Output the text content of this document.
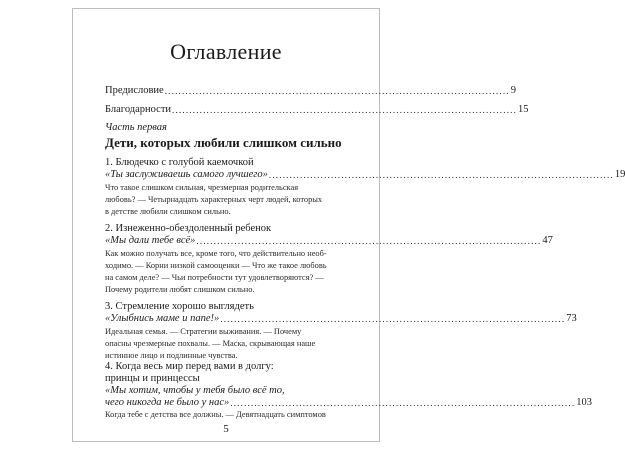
Оглавление
Предисловие .................................................................................................... 9
Благодарности .................................................................................................... 15
Часть первая
Дети, которых любили слишком сильно
1. Блюдечко с голубой каемочкой
«Ты заслуживаешь самого лучшего» .................................................................................................... 19
Что такое слишком сильная, чрезмерная родительская
любовь? — Четырнадцать характерных черт людей, которых
в детстве любили слишком сильно.
2. Изнеженно-обездоленный ребенок
«Мы дали тебе всё» .................................................................................................... 47
Как можно получать все, кроме того, что действительно необ-
ходимо. — Корни низкой самооценки — Что же такое любовь
на самом деле? — Чьи потребности тут удовлетворяются? —
Почему родители любят слишком сильно.
3. Стремление хорошо выглядеть
«Улыбнись маме и папе!» .................................................................................................... 73
Идеальная семья. — Стратегии выживания. — Почему
опасны чрезмерные похвалы. — Маска, скрывающая наше
истинное лицо и подлинные чувства.
4. Когда весь мир перед вами в долгу:
принцы и принцессы
«Мы хотим, чтобы у тебя было всё то,
чего никогда не было у нас» .................................................................................................... 103
Когда тебе с детства все должны. — Девятнадцать симптомов
5
